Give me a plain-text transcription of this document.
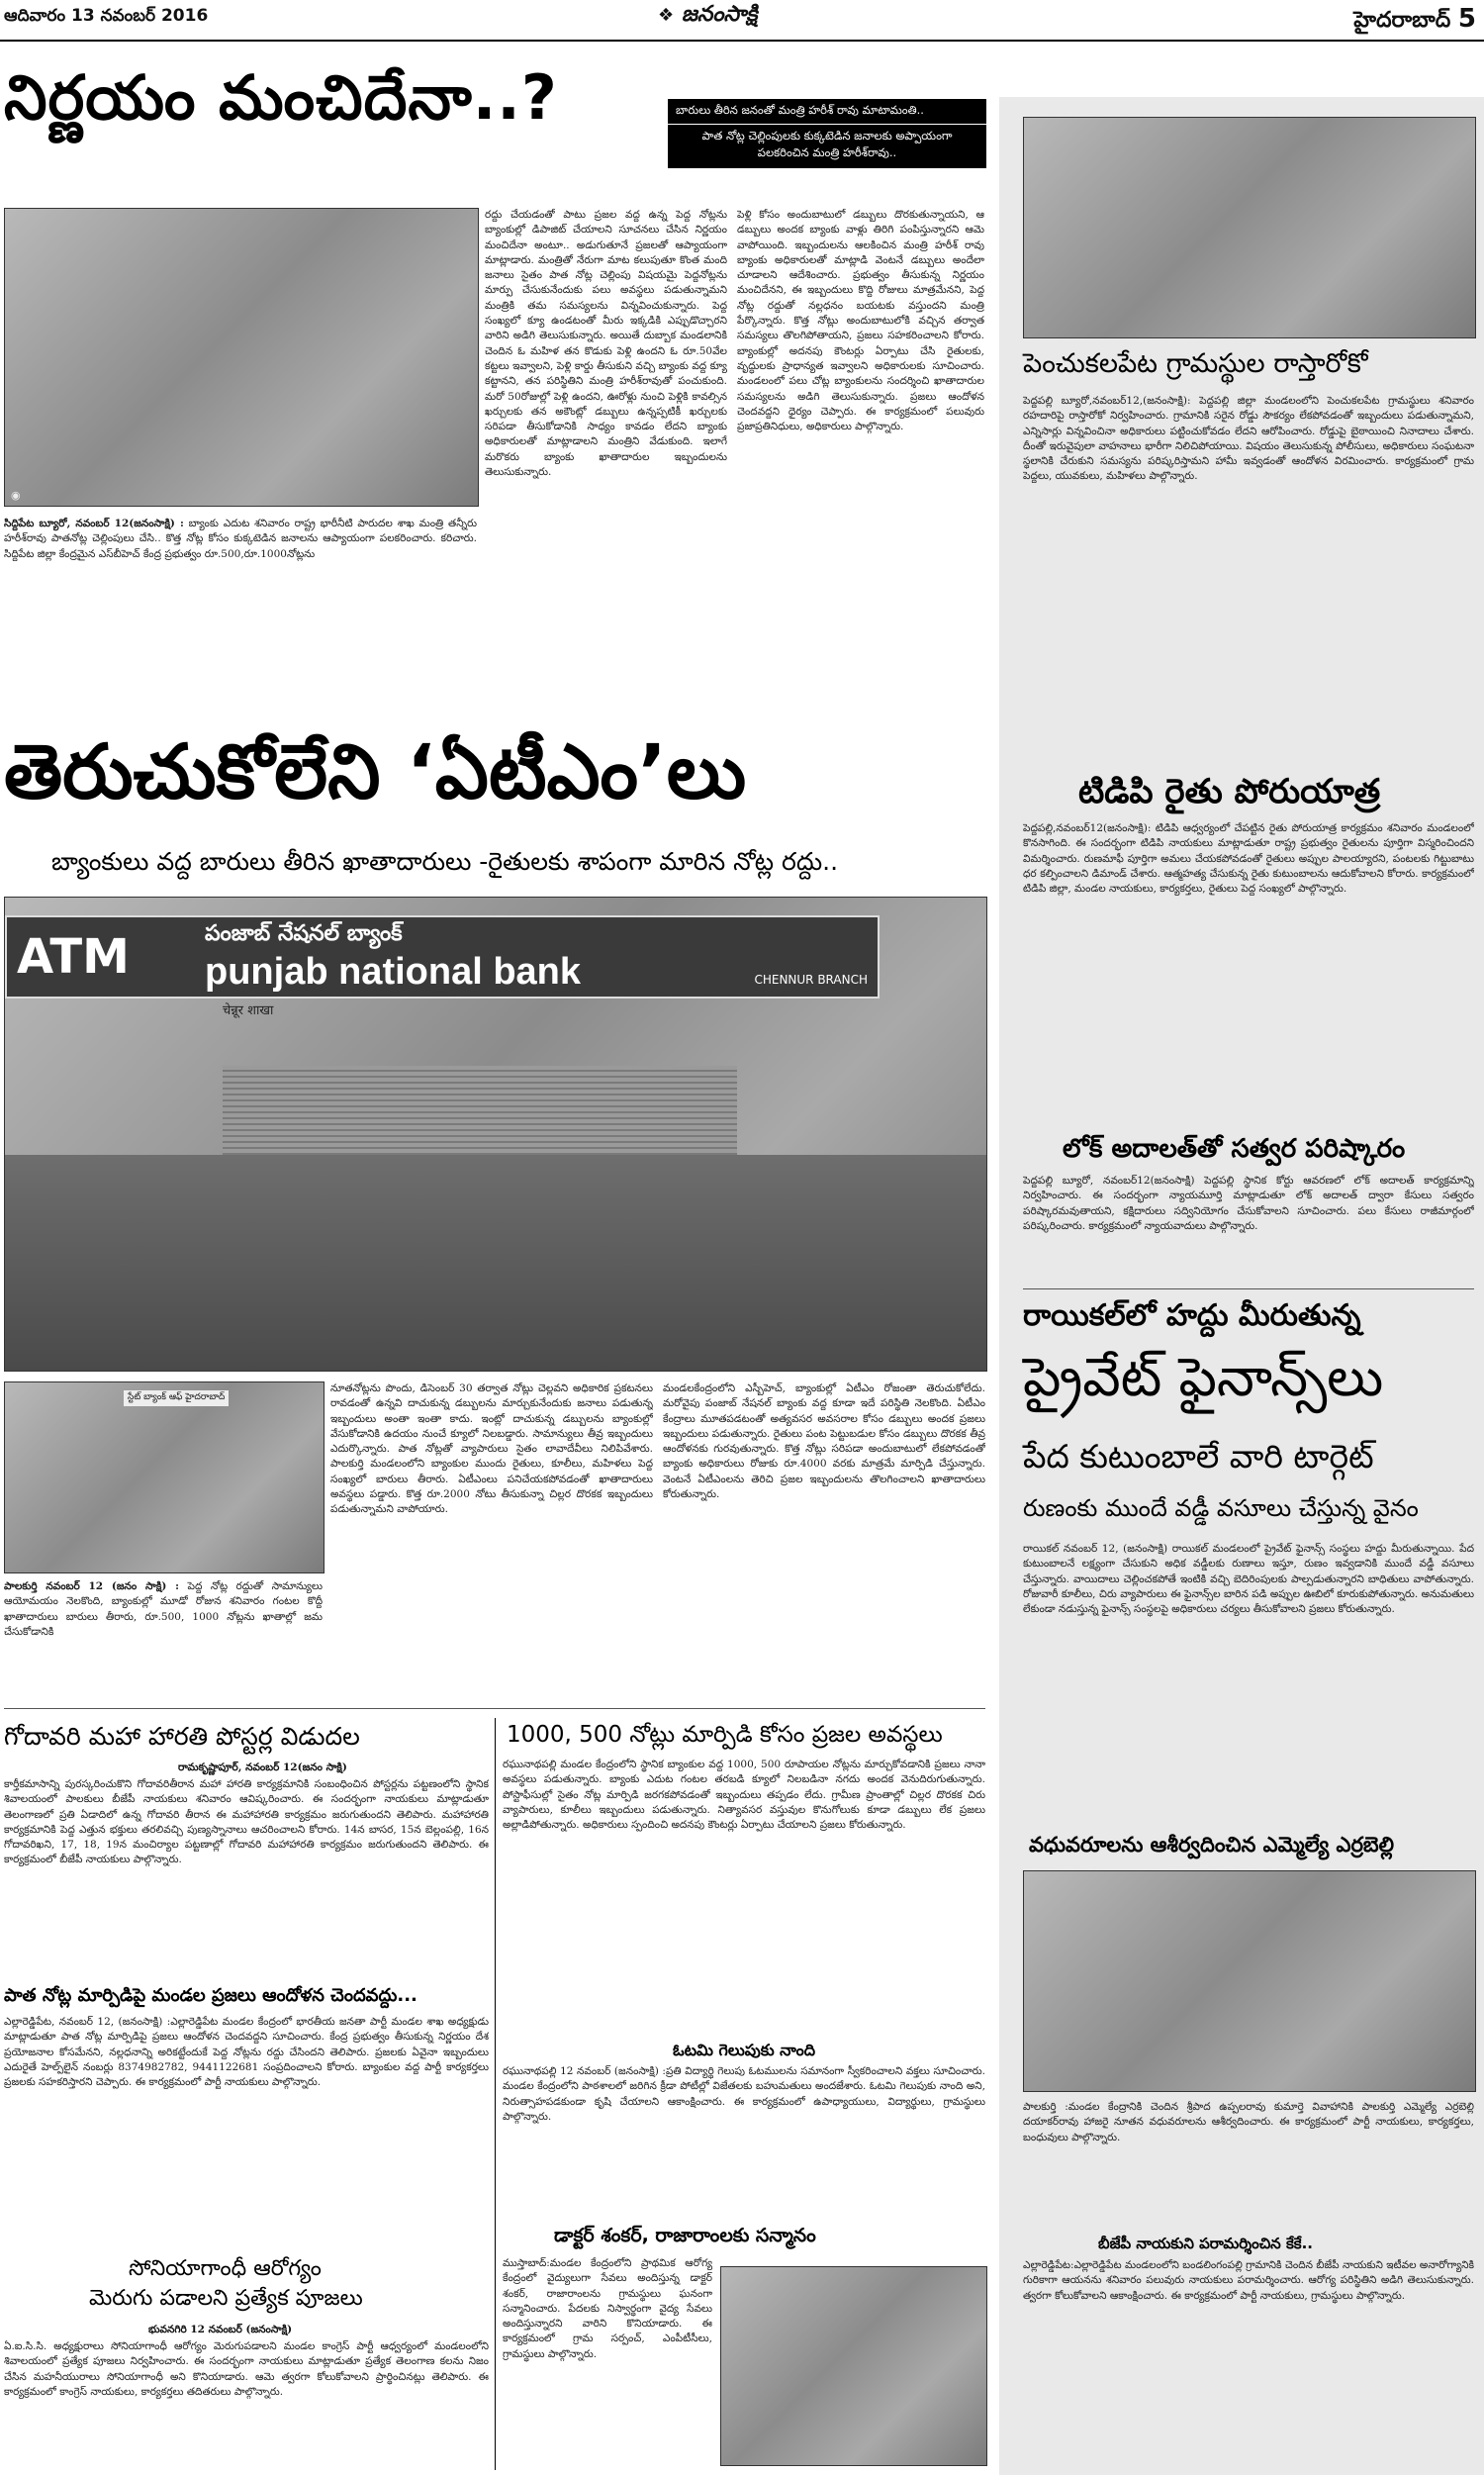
ఆదివారం 13 నవంబర్ 2016	❖ జనంసాక్షి	హైదరాబాద్ 5
నిర్ణయం మంచిదేనా..?	బారులు తీరిన జనంతో మంత్రి హరీశ్ రావు మాటామంతి..
పాత నోట్ల చెల్లింపులకు కుక్కటెడిన జనాలకు అప్పాయంగా పలకరించిన మంత్రి హరీశ్‌రావు..
◉
సిద్దిపేట బ్యూరో, నవంబర్ 12(జనంసాక్షి) : బ్యాంకు ఎదుట శనివారం రాష్ట్ర భారీనీటి పారుదల శాఖ మంత్రి తన్నీరు హరీశ్‌రావు పాతనోట్ల చెల్లింపులు చేసి.. కొత్త నోట్ల కోసం కుక్కటెడిన జనాలను ఆప్యాయంగా పలకరించారు. కరిచారు. సిద్దిపేట జిల్లా కేంద్రమైన ఎస్‌బీహెచ్ కేంద్ర ప్రభుత్వం రూ.500,రూ.1000నోట్లను
రద్దు చేయడంతో పాటు ప్రజల వద్ద ఉన్న పెద్ద నోట్లను బ్యాంకుల్లో డిపాజిట్ చేయాలని సూచనలు చేసిన నిర్ణయం మంచిదేనా అంటూ.. అడుగుతూనే ప్రజలతో ఆప్యాయంగా మాట్లాడారు. మంత్రితో నేరుగా మాట కలుపుతూ కొంత మంది జనాలు సైతం పాత నోట్ల చెల్లింపు విషయమై పెద్దనోట్లను మార్పు చేసుకునేందుకు పలు అవస్థలు పడుతున్నామని మంత్రికి తమ సమస్యలను విన్నవించుకున్నారు. పెద్ద సంఖ్యలో క్యూ ఉండటంతో మీరు ఇక్కడికి ఎప్పుడొచ్చారని వారిని అడిగి తెలుసుకున్నారు. అయితే దుబ్బాక మండలానికి చెందిన ఓ మహిళ తన కొడుకు పెళ్లి ఉందని ఓ రూ.50వేల కట్టలు ఇవ్వాలని, పెళ్లి కార్డు తీసుకుని వచ్చి బ్యాంకు వద్ద క్యూ కట్టానని, తన పరిస్థితిని మంత్రి హరీశ్‌రావుతో పంచుకుంది. మరో 50రోజుల్లో పెళ్లి ఉందని, ఊరోళ్లు నుంచి పెళ్లికి కావల్సిన ఖర్చులకు తన అకౌంట్లో డబ్బులు ఉన్నప్పటికీ ఖర్చులకు సరిపడా తీసుకోడానికి సాధ్యం కావడం లేదని బ్యాంకు అధికారులతో మాట్లాడాలని మంత్రిని వేడుకుంది. ఇలాగే మరొకరు బ్యాంకు ఖాతాదారుల ఇబ్బందులను తెలుసుకున్నారు.
పెళ్లి కోసం అందుబాటులో డబ్బులు దొరకుతున్నాయని, ఆ డబ్బులు అందక బ్యాంకు వాళ్లు తిరిగి పంపిస్తున్నారని ఆమె వాపోయింది. ఇబ్బందులను ఆలకించిన మంత్రి హరీశ్ రావు బ్యాంకు అధికారులతో మాట్లాడి వెంటనే డబ్బులు అందేలా చూడాలని ఆదేశించారు. ప్రభుత్వం తీసుకున్న నిర్ణయం మంచిదేనని, ఈ ఇబ్బందులు కొద్ది రోజులు మాత్రమేనని, పెద్ద నోట్ల రద్దుతో నల్లధనం బయటకు వస్తుందని మంత్రి పేర్కొన్నారు. కొత్త నోట్లు అందుబాటులోకి వచ్చిన తర్వాత సమస్యలు తొలగిపోతాయని, ప్రజలు సహకరించాలని కోరారు. బ్యాంకుల్లో అదనపు కౌంటర్లు ఏర్పాటు చేసి రైతులకు, వృద్ధులకు ప్రాధాన్యత ఇవ్వాలని అధికారులకు సూచించారు. మండలంలో పలు చోట్ల బ్యాంకులను సందర్శించి ఖాతాదారుల సమస్యలను అడిగి తెలుసుకున్నారు. ప్రజలు ఆందోళన చెందవద్దని ధైర్యం చెప్పారు. ఈ కార్యక్రమంలో పలువురు ప్రజాప్రతినిధులు, అధికారులు పాల్గొన్నారు.
తెరుచుకోలేని ‘ఏటీఎం’లు
బ్యాంకులు వద్ద బారులు తీరిన ఖాతాదారులు -రైతులకు శాపంగా మారిన నోట్ల రద్దు..
ATM	పంజాబ్ నేషనల్ బ్యాంక్
punjab national bank	CHENNUR BRANCH
चेन्नूर शाखा
స్టేట్ బ్యాంక్ ఆఫ్ హైదరాబాద్
పాలకుర్తి నవంబర్ 12 (జనం సాక్షి) : పెద్ద నోట్ల రద్దుతో సామాన్యులు ఆయోమయం నెలకొంది, బ్యాంకుల్లో మూడో రోజున శనివారం గంటల కొద్దీ ఖాతాదారులు బారులు తీరారు, రూ.500, 1000 నోట్లను ఖాతాల్లో జమ చేసుకోడానికి
నూతనోట్లను పొందు, డిసెంబర్ 30 తర్వాత నోట్లు చెల్లవని అధికారిక ప్రకటనలు రావడంతో ఉన్నవి దాచుకున్న డబ్బులను మార్చుకునేందుకు జనాలు పడుతున్న ఇబ్బందులు అంతా ఇంతా కాదు. ఇంట్లో దాచుకున్న డబ్బులను బ్యాంకుల్లో వేసుకోడానికి ఉదయం నుంచే క్యూలో నిలబడ్డారు. సామాన్యులు తీవ్ర ఇబ్బందులు ఎదుర్కొన్నారు. పాత నోట్లతో వ్యాపారులు సైతం లావాదేవీలు నిలిపివేశారు. పాలకుర్తి మండలంలోని బ్యాంకుల ముందు రైతులు, కూలీలు, మహిళలు పెద్ద సంఖ్యలో బారులు తీరారు. ఏటీఎంలు పనిచేయకపోవడంతో ఖాతాదారులు అవస్థలు పడ్డారు. కొత్త రూ.2000 నోటు తీసుకున్నా చిల్లర దొరకక ఇబ్బందులు పడుతున్నామని వాపోయారు.
మండలకేంద్రంలోని ఎస్బీహెచ్, బ్యాంకుల్లో ఏటీఎం రోజంతా తెరుచుకోలేదు. మరోవైపు పంజాబ్ నేషనల్ బ్యాంకు వద్ద కూడా ఇదే పరిస్థితి నెలకొంది. ఏటీఎం కేంద్రాలు మూతపడటంతో అత్యవసర అవసరాల కోసం డబ్బులు అందక ప్రజలు ఇబ్బందులు పడుతున్నారు. రైతులు పంట పెట్టుబడుల కోసం డబ్బులు దొరకక తీవ్ర ఆందోళనకు గురవుతున్నారు. కొత్త నోట్లు సరిపడా అందుబాటులో లేకపోవడంతో బ్యాంకు అధికారులు రోజుకు రూ.4000 వరకు మాత్రమే మార్పిడి చేస్తున్నారు. వెంటనే ఏటీఎంలను తెరిచి ప్రజల ఇబ్బందులను తొలగించాలని ఖాతాదారులు కోరుతున్నారు.
గోదావరి మహా హారతి పోస్టర్ల విడుదల
రామకృష్ణాపూర్, నవంబర్ 12(జనం సాక్షి)
కార్తీకమాసాన్ని పురస్కరించుకొని గోదావరితీరాన మహా హారతి కార్యక్రమానికి సంబంధించిన పోస్టర్లను పట్టణంలోని స్థానిక శివాలయంలో పాలకులు బీజేపీ నాయకులు శనివారం ఆవిష్కరించారు. ఈ సందర్భంగా నాయకులు మాట్లాడుతూ తెలంగాణలో ప్రతి ఏడాదిలో ఉన్న గోదావరి తీరాన ఈ మహాహారతి కార్యక్రమం జరుగుతుందని తెలిపారు. మహాహారతి కార్యక్రమానికి పెద్ద ఎత్తున భక్తులు తరలివచ్చి పుణ్యస్నానాలు ఆచరించాలని కోరారు. 14న బాసర, 15న బెల్లంపల్లి, 16న గోదావరిఖని, 17, 18, 19న మంచిర్యాల పట్టణాల్లో గోదావరి మహాహారతి కార్యక్రమం జరుగుతుందని తెలిపారు. ఈ కార్యక్రమంలో బీజేపీ నాయకులు పాల్గొన్నారు.
పాత నోట్ల మార్పిడిపై మండల ప్రజలు ఆందోళన చెందవద్దు...
ఎల్లారెడ్డిపేట, నవంబర్ 12, (జనంసాక్షి) :ఎల్లారెడ్డిపేట మండల కేంద్రంలో భారతీయ జనతా పార్టీ మండల శాఖ అధ్యక్షుడు మాట్లాడుతూ పాత నోట్ల మార్పిడిపై ప్రజలు ఆందోళన చెందవద్దని సూచించారు. కేంద్ర ప్రభుత్వం తీసుకున్న నిర్ణయం దేశ ప్రయోజనాల కోసమేనని, నల్లధనాన్ని అరికట్టేందుకే పెద్ద నోట్లను రద్దు చేసిందని తెలిపారు. ప్రజలకు ఏవైనా ఇబ్బందులు ఎదురైతే హెల్ప్‌లైన్ నంబర్లు 8374982782, 9441122681 సంప్రదించాలని కోరారు. బ్యాంకుల వద్ద పార్టీ కార్యకర్తలు ప్రజలకు సహకరిస్తారని చెప్పారు. ఈ కార్యక్రమంలో పార్టీ నాయకులు పాల్గొన్నారు.
సోనియాగాంధీ ఆరోగ్యం
మెరుగు పడాలని ప్రత్యేక పూజలు
భువనగిరి 12 నవంబర్ (జనంసాక్షి)
ఏ.ఐ.సి.సి. అధ్యక్షురాలు సోనియాగాంధీ ఆరోగ్యం మెరుగుపడాలని మండల కాంగ్రెస్ పార్టీ ఆధ్వర్యంలో మండలంలోని శివాలయంలో ప్రత్యేక పూజలు నిర్వహించారు. ఈ సందర్భంగా నాయకులు మాట్లాడుతూ ప్రత్యేక తెలంగాణ కలను నిజం చేసిన మహనీయురాలు సోనియాగాంధీ అని కొనియాడారు. ఆమె త్వరగా కోలుకోవాలని ప్రార్థించినట్లు తెలిపారు. ఈ కార్యక్రమంలో కాంగ్రెస్ నాయకులు, కార్యకర్తలు తదితరులు పాల్గొన్నారు.
1000, 500 నోట్లు మార్పిడి కోసం ప్రజల అవస్థలు
రఘునాథపల్లి మండల కేంద్రంలోని స్థానిక బ్యాంకుల వద్ద 1000, 500 రూపాయల నోట్లను మార్చుకోవడానికి ప్రజలు నానా అవస్థలు పడుతున్నారు. బ్యాంకు ఎదుట గంటల తరబడి క్యూలో నిలబడినా నగదు అందక వెనుదిరుగుతున్నారు. పోస్టాఫీసుల్లో సైతం నోట్ల మార్పిడి జరగకపోవడంతో ఇబ్బందులు తప్పడం లేదు. గ్రామీణ ప్రాంతాల్లో చిల్లర దొరకక చిరు వ్యాపారులు, కూలీలు ఇబ్బందులు పడుతున్నారు. నిత్యావసర వస్తువుల కొనుగోలుకు కూడా డబ్బులు లేక ప్రజలు అల్లాడిపోతున్నారు. అధికారులు స్పందించి అదనపు కౌంటర్లు ఏర్పాటు చేయాలని ప్రజలు కోరుతున్నారు.
ఓటమి గెలుపుకు నాంది
రఘునాథపల్లి 12 నవంబర్ (జనంసాక్షి) :ప్రతి విద్యార్థి గెలుపు ఓటములను సమానంగా స్వీకరించాలని వక్తలు సూచించారు. మండల కేంద్రంలోని పాఠశాలలో జరిగిన క్రీడా పోటీల్లో విజేతలకు బహుమతులు అందజేశారు. ఓటమి గెలుపుకు నాంది అని, నిరుత్సాహపడకుండా కృషి చేయాలని ఆకాంక్షించారు. ఈ కార్యక్రమంలో ఉపాధ్యాయులు, విద్యార్థులు, గ్రామస్థులు పాల్గొన్నారు.
డాక్టర్ శంకర్, రాజారాంలకు సన్మానం
ముస్తాబాద్:మండల కేంద్రంలోని ప్రాథమిక ఆరోగ్య కేంద్రంలో వైద్యులుగా సేవలు అందిస్తున్న డాక్టర్ శంకర్, రాజారాంలను గ్రామస్థులు ఘనంగా సన్మానించారు. పేదలకు నిస్వార్థంగా వైద్య సేవలు అందిస్తున్నారని వారిని కొనియాడారు. ఈ కార్యక్రమంలో గ్రామ సర్పంచ్, ఎంపీటీసీలు, గ్రామస్థులు పాల్గొన్నారు.
పెంచుకలపేట గ్రామస్థుల రాస్తారోకో
పెద్దపల్లి బ్యూరో,నవంబర్12,(జనంసాక్షి): పెద్దపల్లి జిల్లా మండలంలోని పెంచుకలపేట గ్రామస్థులు శనివారం రహదారిపై రాస్తారోకో నిర్వహించారు. గ్రామానికి సరైన రోడ్డు సౌకర్యం లేకపోవడంతో ఇబ్బందులు పడుతున్నామని, ఎన్నిసార్లు విన్నవించినా అధికారులు పట్టించుకోవడం లేదని ఆరోపించారు. రోడ్డుపై బైఠాయించి నినాదాలు చేశారు. దీంతో ఇరువైపులా వాహనాలు భారీగా నిలిచిపోయాయి. విషయం తెలుసుకున్న పోలీసులు, అధికారులు సంఘటనా స్థలానికి చేరుకుని సమస్యను పరిష్కరిస్తామని హామీ ఇవ్వడంతో ఆందోళన విరమించారు. కార్యక్రమంలో గ్రామ పెద్దలు, యువకులు, మహిళలు పాల్గొన్నారు.
టిడిపి రైతు పోరుయాత్ర
పెద్దపల్లి,నవంబర్12(జనంసాక్షి): టిడిపి ఆధ్వర్యంలో చేపట్టిన రైతు పోరుయాత్ర కార్యక్రమం శనివారం మండలంలో కొనసాగింది. ఈ సందర్భంగా టిడిపి నాయకులు మాట్లాడుతూ రాష్ట్ర ప్రభుత్వం రైతులను పూర్తిగా విస్మరించిందని విమర్శించారు. రుణమాఫీ పూర్తిగా అమలు చేయకపోవడంతో రైతులు అప్పుల పాలయ్యారని, పంటలకు గిట్టుబాటు ధర కల్పించాలని డిమాండ్ చేశారు. ఆత్మహత్య చేసుకున్న రైతు కుటుంబాలను ఆదుకోవాలని కోరారు. కార్యక్రమంలో టిడిపి జిల్లా, మండల నాయకులు, కార్యకర్తలు, రైతులు పెద్ద సంఖ్యలో పాల్గొన్నారు.
లోక్ అదాలత్‌తో సత్వర పరిష్కారం
పెద్దపల్లి బ్యూరో, నవంబర్12(జనంసాక్షి) పెద్దపల్లి స్థానిక కోర్టు ఆవరణలో లోక్ అదాలత్ కార్యక్రమాన్ని నిర్వహించారు. ఈ సందర్భంగా న్యాయమూర్తి మాట్లాడుతూ లోక్ అదాలత్ ద్వారా కేసులు సత్వరం పరిష్కారమవుతాయని, కక్షిదారులు సద్వినియోగం చేసుకోవాలని సూచించారు. పలు కేసులు రాజీమార్గంలో పరిష్కరించారు. కార్యక్రమంలో న్యాయవాదులు పాల్గొన్నారు.
రాయికల్‌లో హద్దు మీరుతున్న
ప్రైవేట్ ఫైనాన్స్‌లు
పేద కుటుంబాలే వారి టార్గెట్
రుణంకు ముందే వడ్డీ వసూలు చేస్తున్న వైనం
రాయికల్ నవంబర్ 12, (జనంసాక్షి) రాయికల్ మండలంలో ప్రైవేట్ ఫైనాన్స్ సంస్థలు హద్దు మీరుతున్నాయి. పేద కుటుంబాలనే లక్ష్యంగా చేసుకుని అధిక వడ్డీలకు రుణాలు ఇస్తూ, రుణం ఇవ్వడానికి ముందే వడ్డీ వసూలు చేస్తున్నారు. వాయిదాలు చెల్లించకపోతే ఇంటికి వచ్చి బెదిరింపులకు పాల్పడుతున్నారని బాధితులు వాపోతున్నారు. రోజువారీ కూలీలు, చిరు వ్యాపారులు ఈ ఫైనాన్స్‌ల బారిన పడి అప్పుల ఊబిలో కూరుకుపోతున్నారు. అనుమతులు లేకుండా నడుస్తున్న ఫైనాన్స్ సంస్థలపై అధికారులు చర్యలు తీసుకోవాలని ప్రజలు కోరుతున్నారు.
వధువరూలను ఆశీర్వదించిన ఎమ్మెల్యే ఎర్రబెల్లి
పాలకుర్తి :మండల కేంద్రానికి చెందిన శ్రీపాద ఉప్పలరావు కుమార్తె వివాహానికి పాలకుర్తి ఎమ్మెల్యే ఎర్రబెల్లి దయాకర్‌రావు హాజరై నూతన వధువరూలను ఆశీర్వదించారు. ఈ కార్యక్రమంలో పార్టీ నాయకులు, కార్యకర్తలు, బంధువులు పాల్గొన్నారు.
బీజేపీ నాయకుని పరామర్శించిన కేకే..
ఎల్లారెడ్డిపేట:ఎల్లారెడ్డిపేట మండలంలోని బండలింగంపల్లి గ్రామానికి చెందిన బీజేపీ నాయకుని ఇటీవల అనారోగ్యానికి గురికాగా ఆయనను శనివారం పలువురు నాయకులు పరామర్శించారు. ఆరోగ్య పరిస్థితిని అడిగి తెలుసుకున్నారు. త్వరగా కోలుకోవాలని ఆకాంక్షించారు. ఈ కార్యక్రమంలో పార్టీ నాయకులు, గ్రామస్థులు పాల్గొన్నారు.
